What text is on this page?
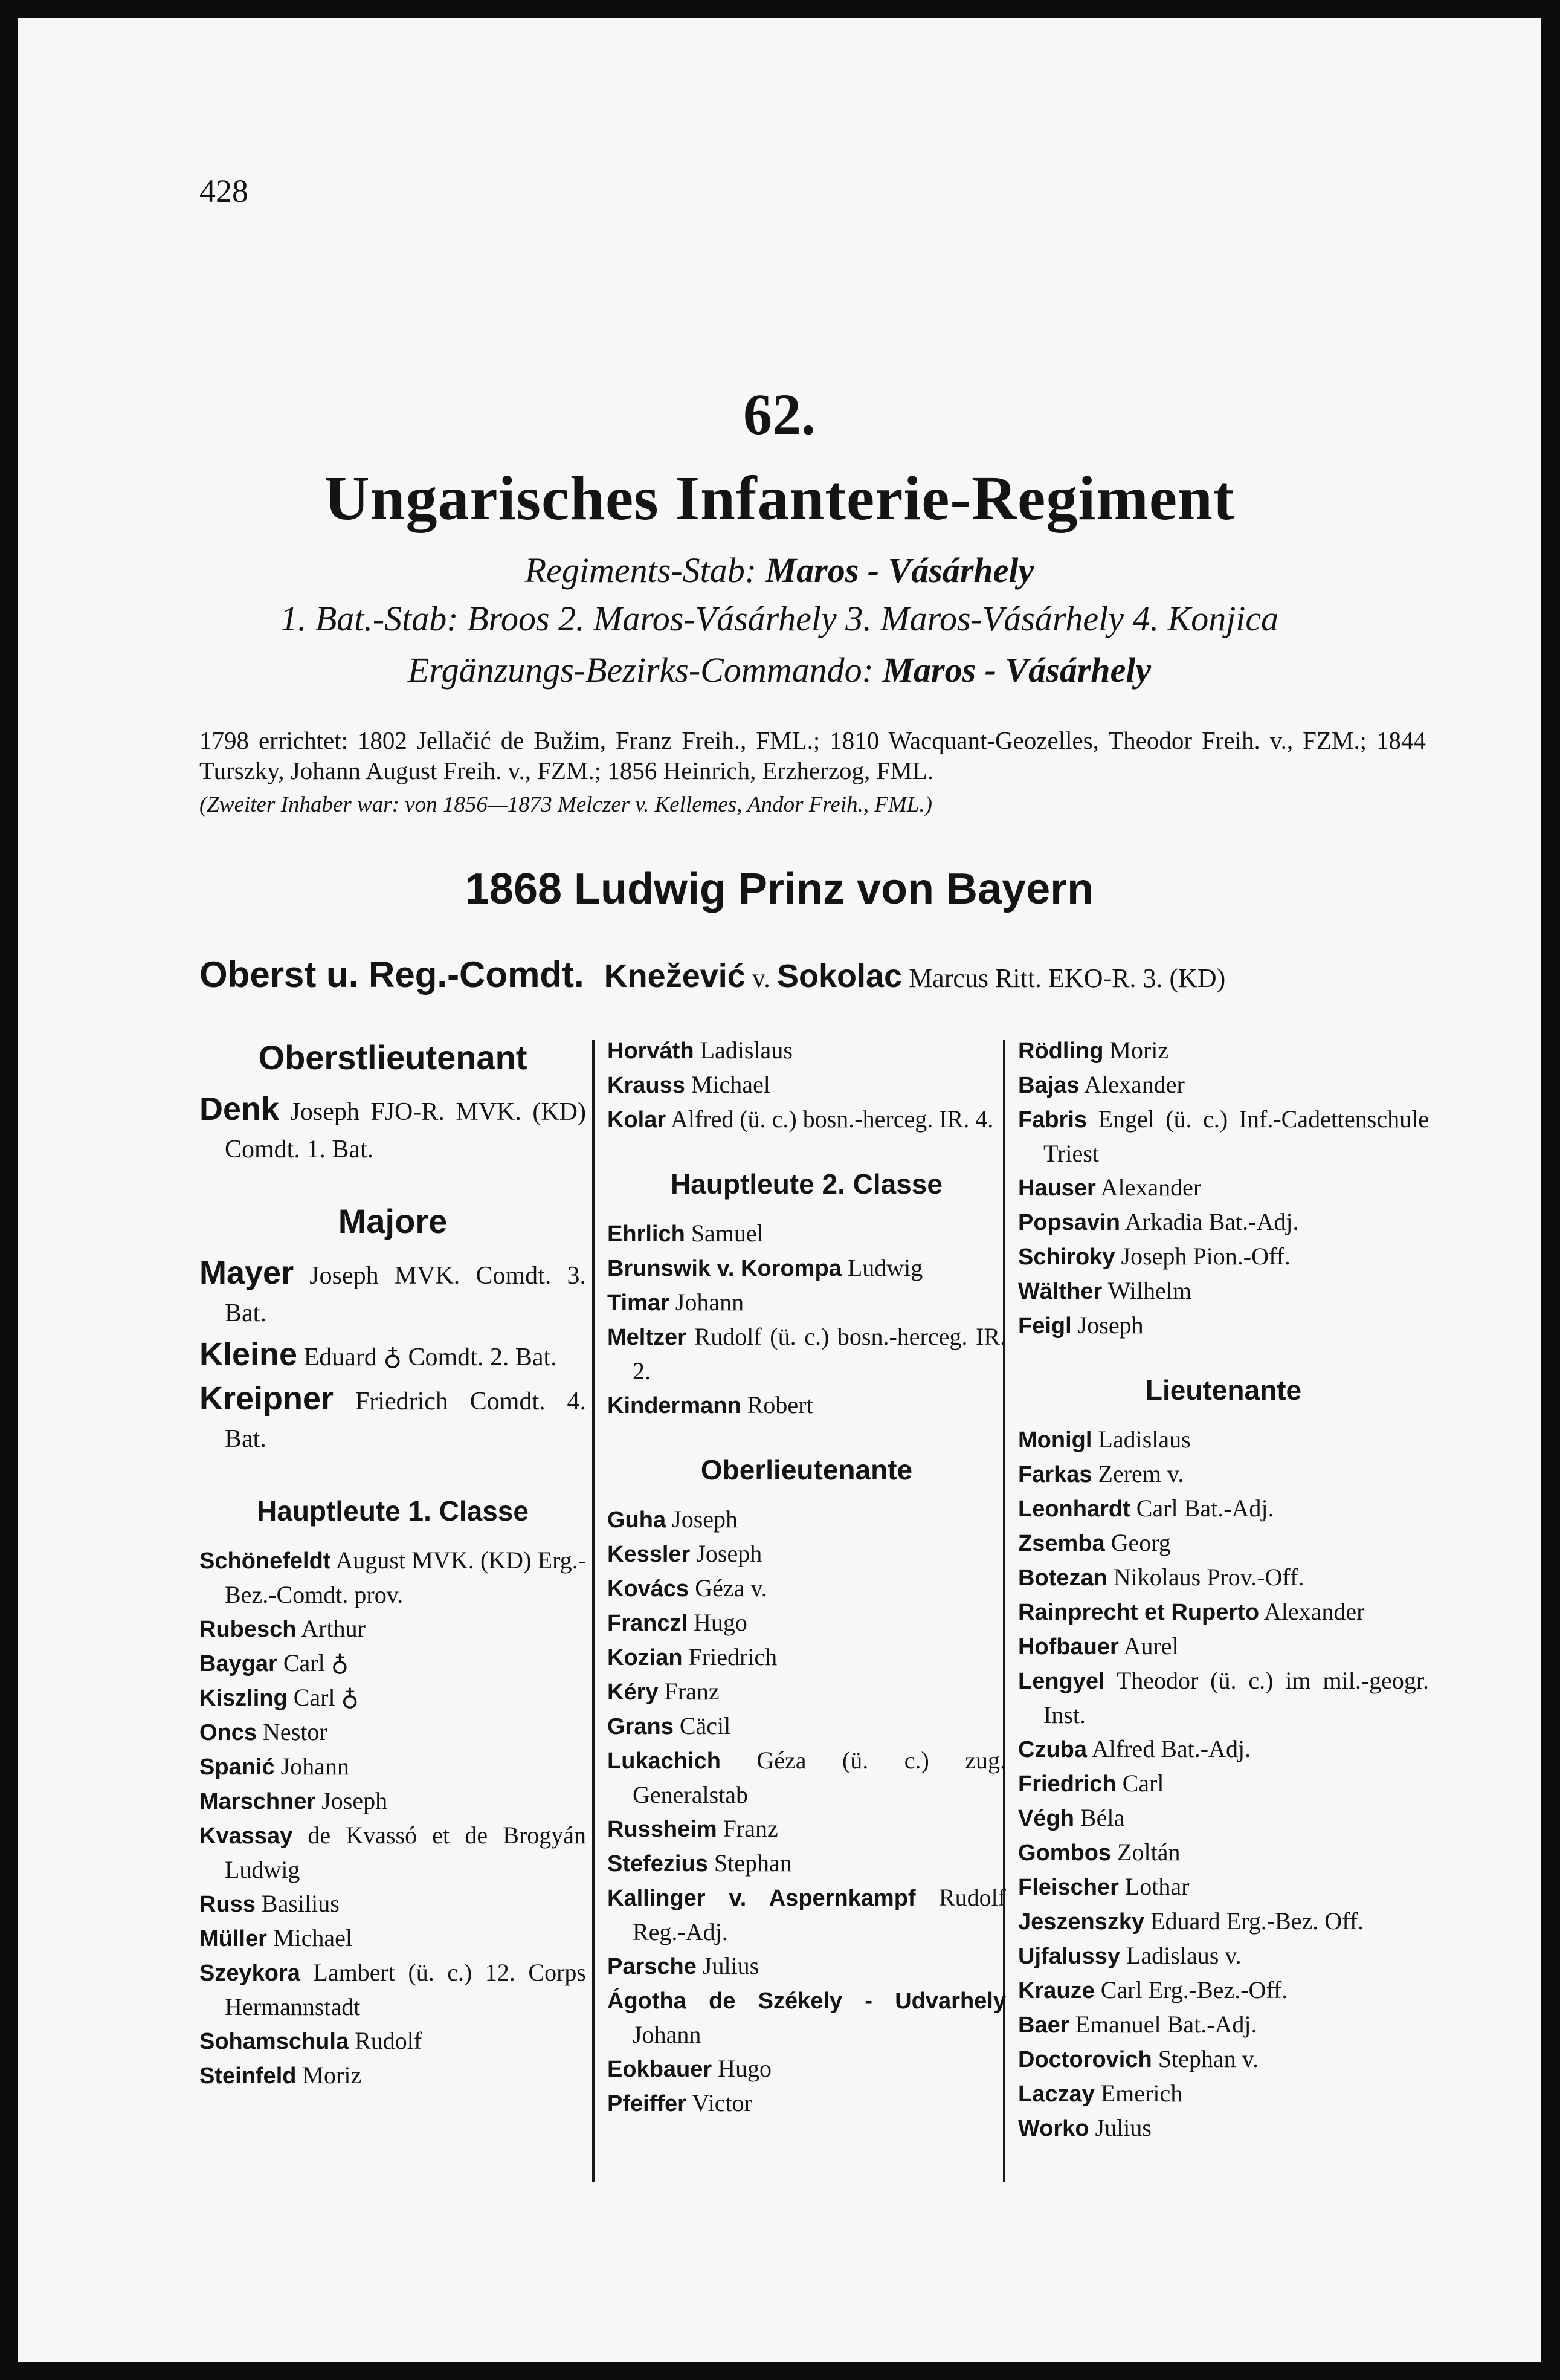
428
62.
Ungarisches Infanterie-Regiment
Regiments-Stab: Maros - Vásárhely
1. Bat.-Stab: Broos 2. Maros-Vásárhely 3. Maros-Vásárhely 4. Konjica
Ergänzungs-Bezirks-Commando: Maros - Vásárhely
1798 errichtet: 1802 Jellačić de Bužim, Franz Freih., FML.; 1810 Wacquant-Geozelles, Theodor Freih. v., FZM.; 1844 Turszky, Johann August Freih. v., FZM.; 1856 Heinrich, Erzherzog, FML.
(Zweiter Inhaber war: von 1856—1873 Melczer v. Kellemes, Andor Freih., FML.)
1868 Ludwig Prinz von Bayern
Oberst u. Reg.-Comdt. Knežević v. Sokolac Marcus Ritt. EKO-R. 3. (KD)
Oberstlieutenant
Denk Joseph FJO-R. MVK. (KD) Comdt. 1. Bat.
Majore
Mayer Joseph MVK. Comdt. 3. Bat.
Kleine Eduard ♁ Comdt. 2. Bat.
Kreipner Friedrich Comdt. 4. Bat.
Hauptleute 1. Classe
Schönefeldt August MVK. (KD) Erg.-Bez.-Comdt. prov.
Rubesch Arthur
Baygar Carl ♁
Kiszling Carl ♁
Oncs Nestor
Spanić Johann
Marschner Joseph
Kvassay de Kvassó et de Brogyán Ludwig
Russ Basilius
Müller Michael
Szeykora Lambert (ü. c.) 12. Corps Hermannstadt
Sohamschula Rudolf
Steinfeld Moriz
Horváth Ladislaus
Krauss Michael
Kolar Alfred (ü. c.) bosn.-herceg. IR. 4.
Hauptleute 2. Classe
Ehrlich Samuel
Brunswik v. Korompa Ludwig
Timar Johann
Meltzer Rudolf (ü. c.) bosn.-herceg. IR. 2.
Kindermann Robert
Oberlieutenante
Guha Joseph
Kessler Joseph
Kovács Géza v.
Franczl Hugo
Kozian Friedrich
Kéry Franz
Grans Cäcil
Lukachich Géza (ü. c.) zug. Generalstab
Russheim Franz
Stefezius Stephan
Kallinger v. Aspernkampf Rudolf Reg.-Adj.
Parsche Julius
Ágotha de Székely - Udvarhely Johann
Eokbauer Hugo
Pfeiffer Victor
Rödling Moriz
Bajas Alexander
Fabris Engel (ü. c.) Inf.-Cadettenschule Triest
Hauser Alexander
Popsavin Arkadia Bat.-Adj.
Schiroky Joseph Pion.-Off.
Wälther Wilhelm
Feigl Joseph
Lieutenante
Monigl Ladislaus
Farkas Zerem v.
Leonhardt Carl Bat.-Adj.
Zsemba Georg
Botezan Nikolaus Prov.-Off.
Rainprecht et Ruperto Alexander
Hofbauer Aurel
Lengyel Theodor (ü. c.) im mil.-geogr. Inst.
Czuba Alfred Bat.-Adj.
Friedrich Carl
Végh Béla
Gombos Zoltán
Fleischer Lothar
Jeszenszky Eduard Erg.-Bez. Off.
Ujfalussy Ladislaus v.
Krauze Carl Erg.-Bez.-Off.
Baer Emanuel Bat.-Adj.
Doctorovich Stephan v.
Laczay Emerich
Worko Julius
